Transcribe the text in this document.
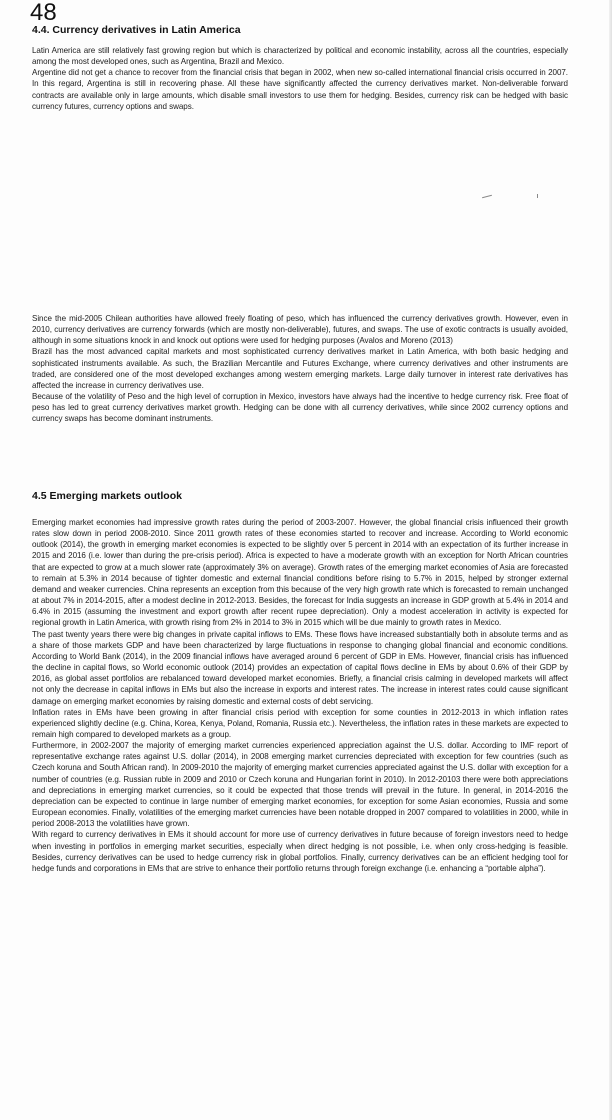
48
4.4. Currency derivatives in Latin America

Latin America are still relatively fast growing region but which is characterized by political and economic instability, across all the countries, especially among the most developed ones, such as Argentina, Brazil and Mexico.

Argentine did not get a chance to recover from the financial crisis that began in 2002, when new so-called international financial crisis occurred in 2007. In this regard, Argentina is still in recovering phase. All these have significantly affected the currency derivatives market. Non-deliverable forward contracts are available only in large amounts, which disable small investors to use them for hedging. Besides, currency risk can be hedged with basic currency futures, currency options and swaps.

Since the mid-2005 Chilean authorities have allowed freely floating of peso, which has influenced the currency derivatives growth. However, even in 2010, currency derivatives are currency forwards (which are mostly non-deliverable), futures, and swaps. The use of exotic contracts is usually avoided, although in some situations knock in and knock out options were used for hedging purposes (Avalos and Moreno (2013)

Brazil has the most advanced capital markets and most sophisticated currency derivatives market in Latin America, with both basic hedging and sophisticated instruments available. As such, the Brazilian Mercantile and Futures Exchange, where currency derivatives and other instruments are traded, are considered one of the most developed exchanges among western emerging markets. Large daily turnover in interest rate derivatives has affected the increase in currency derivatives use.

Because of the volatility of Peso and the high level of corruption in Mexico, investors have always had the incentive to hedge currency risk. Free float of peso has led to great currency derivatives market growth. Hedging can be done with all currency derivatives, while since 2002 currency options and currency swaps has become dominant instruments.

4.5 Emerging markets outlook

Emerging market economies had impressive growth rates during the period of 2003-2007. However, the global financial crisis influenced their growth rates slow down in period 2008-2010. Since 2011 growth rates of these economies started to recover and increase. According to World economic outlook (2014), the growth in emerging market economies is expected to be slightly over 5 percent in 2014 with an expectation of its further increase in 2015 and 2016 (i.e. lower than during the pre-crisis period). Africa is expected to have a moderate growth with an exception for North African countries that are expected to grow at a much slower rate (approximately 3% on average). Growth rates of the emerging market economies of Asia are forecasted to remain at 5.3% in 2014 because of tighter domestic and external financial conditions before rising to 5.7% in 2015, helped by stronger external demand and weaker currencies. China represents an exception from this because of the very high growth rate which is forecasted to remain unchanged at about 7% in 2014-2015, after a modest decline in 2012-2013. Besides, the forecast for India suggests an increase in GDP growth at 5.4% in 2014 and 6.4% in 2015 (assuming the investment and export growth after recent rupee depreciation). Only a modest acceleration in activity is expected for regional growth in Latin America, with growth rising from 2% in 2014 to 3% in 2015 which will be due mainly to growth rates in Mexico.

The past twenty years there were big changes in private capital inflows to EMs. These flows have increased substantially both in absolute terms and as a share of those markets GDP and have been characterized by large fluctuations in response to changing global financial and economic conditions. According to World Bank (2014), in the 2009 financial inflows have averaged around 6 percent of GDP in EMs. However, financial crisis has influenced the decline in capital flows, so World economic outlook (2014) provides an expectation of capital flows decline in EMs by about 0.6% of their GDP by 2016, as global asset portfolios are rebalanced toward developed market economies. Briefly, a financial crisis calming in developed markets will affect not only the decrease in capital inflows in EMs but also the increase in exports and interest rates. The increase in interest rates could cause significant damage on emerging market economies by raising domestic and external costs of debt servicing.

Inflation rates in EMs have been growing in after financial crisis period with exception for some counties in 2012-2013 in which inflation rates experienced slightly decline (e.g. China, Korea, Kenya, Poland, Romania, Russia etc.). Nevertheless, the inflation rates in these markets are expected to remain high compared to developed markets as a group.

Furthermore, in 2002-2007 the majority of emerging market currencies experienced appreciation against the U.S. dollar. According to IMF report of representative exchange rates against U.S. dollar (2014), in 2008 emerging market currencies depreciated with exception for few countries (such as Czech koruna and South African rand). In 2009-2010 the majority of emerging market currencies appreciated against the U.S. dollar with exception for a number of countries (e.g. Russian ruble in 2009 and 2010 or Czech koruna and Hungarian forint in 2010). In 2012-20103 there were both appreciations and depreciations in emerging market currencies, so it could be expected that those trends will prevail in the future. In general, in 2014-2016 the depreciation can be expected to continue in large number of emerging market economies, for exception for some Asian economies, Russia and some European economies. Finally, volatilities of the emerging market currencies have been notable dropped in 2007 compared to volatilities in 2000, while in period 2008-2013 the volatilities have grown.

With regard to currency derivatives in EMs it should account for more use of currency derivatives in future because of foreign investors need to hedge when investing in portfolios in emerging market securities, especially when direct hedging is not possible, i.e. when only cross-hedging is feasible. Besides, currency derivatives can be used to hedge currency risk in global portfolios. Finally, currency derivatives can be an efficient hedging tool for hedge funds and corporations in EMs that are strive to enhance their portfolio returns through foreign exchange (i.e. enhancing a “portable alpha”).
